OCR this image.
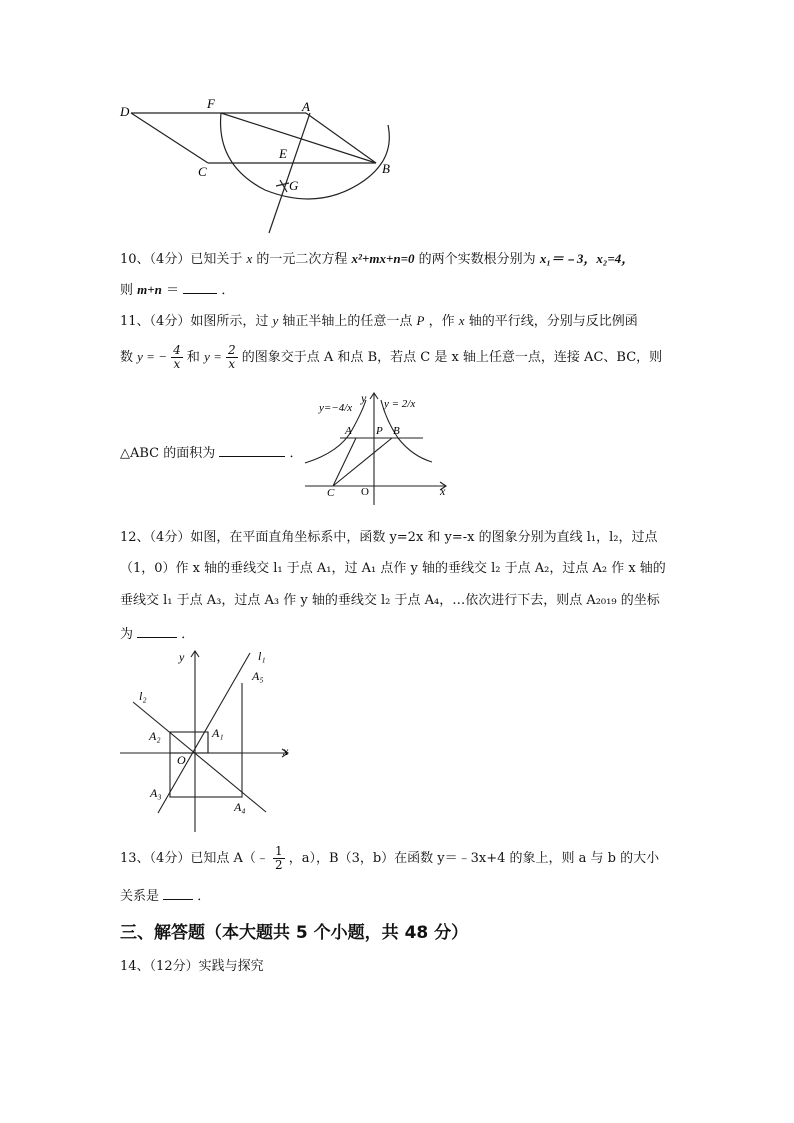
D
F	A
E
B
C
G
10、（4分）已知关于 x 的一元二次方程 x²+mx+n=0 的两个实数根分别为 x₁＝﹣3，x₂=4，
则 m+n ＝	．
11、（4分）如图所示，过 y 轴正半轴上的任意一点 P ，作 x 轴的平行线，分别与反比例函
数 y = − $\frac{4}{x}$ 和 $y = \frac{2}{x}$ 的图象交于点 A 和点 B，若点 C 是 x 轴上任意一点，连接 AC、BC，则
y=−4/x	y = 2/x
y
A P B
C O	x
△ABC 的面积为	．
12、（4分）如图，在平面直角坐标系中，函数 y=2x 和 y=-x 的图象分别为直线 l₁，l₂，过点
（1，0）作 x 轴的垂线交 l₁ 于点 A₁，过 A₁ 点作 y 轴的垂线交 l₂ 于点 A₂，过点 A₂ 作 x 轴的
垂线交 l₁ 于点 A₃，过点 A₃ 作 y 轴的垂线交 l₂ 于点 A₄，…依次进行下去，则点 A₂₀₁₉ 的坐标
为	．
y	l₁
A₅
l₂
A₁
A₂
O
x
A₃
A₄
13、（4分）已知点 A（﹣ $\frac{1}{2}$ ，a），B（3，b）在函数 y＝﹣3x+4 的象上，则 a 与 b 的大小
关系是	．
三、解答题（本大题共 5 个小题，共 48 分）
14、（12分）实践与探究
